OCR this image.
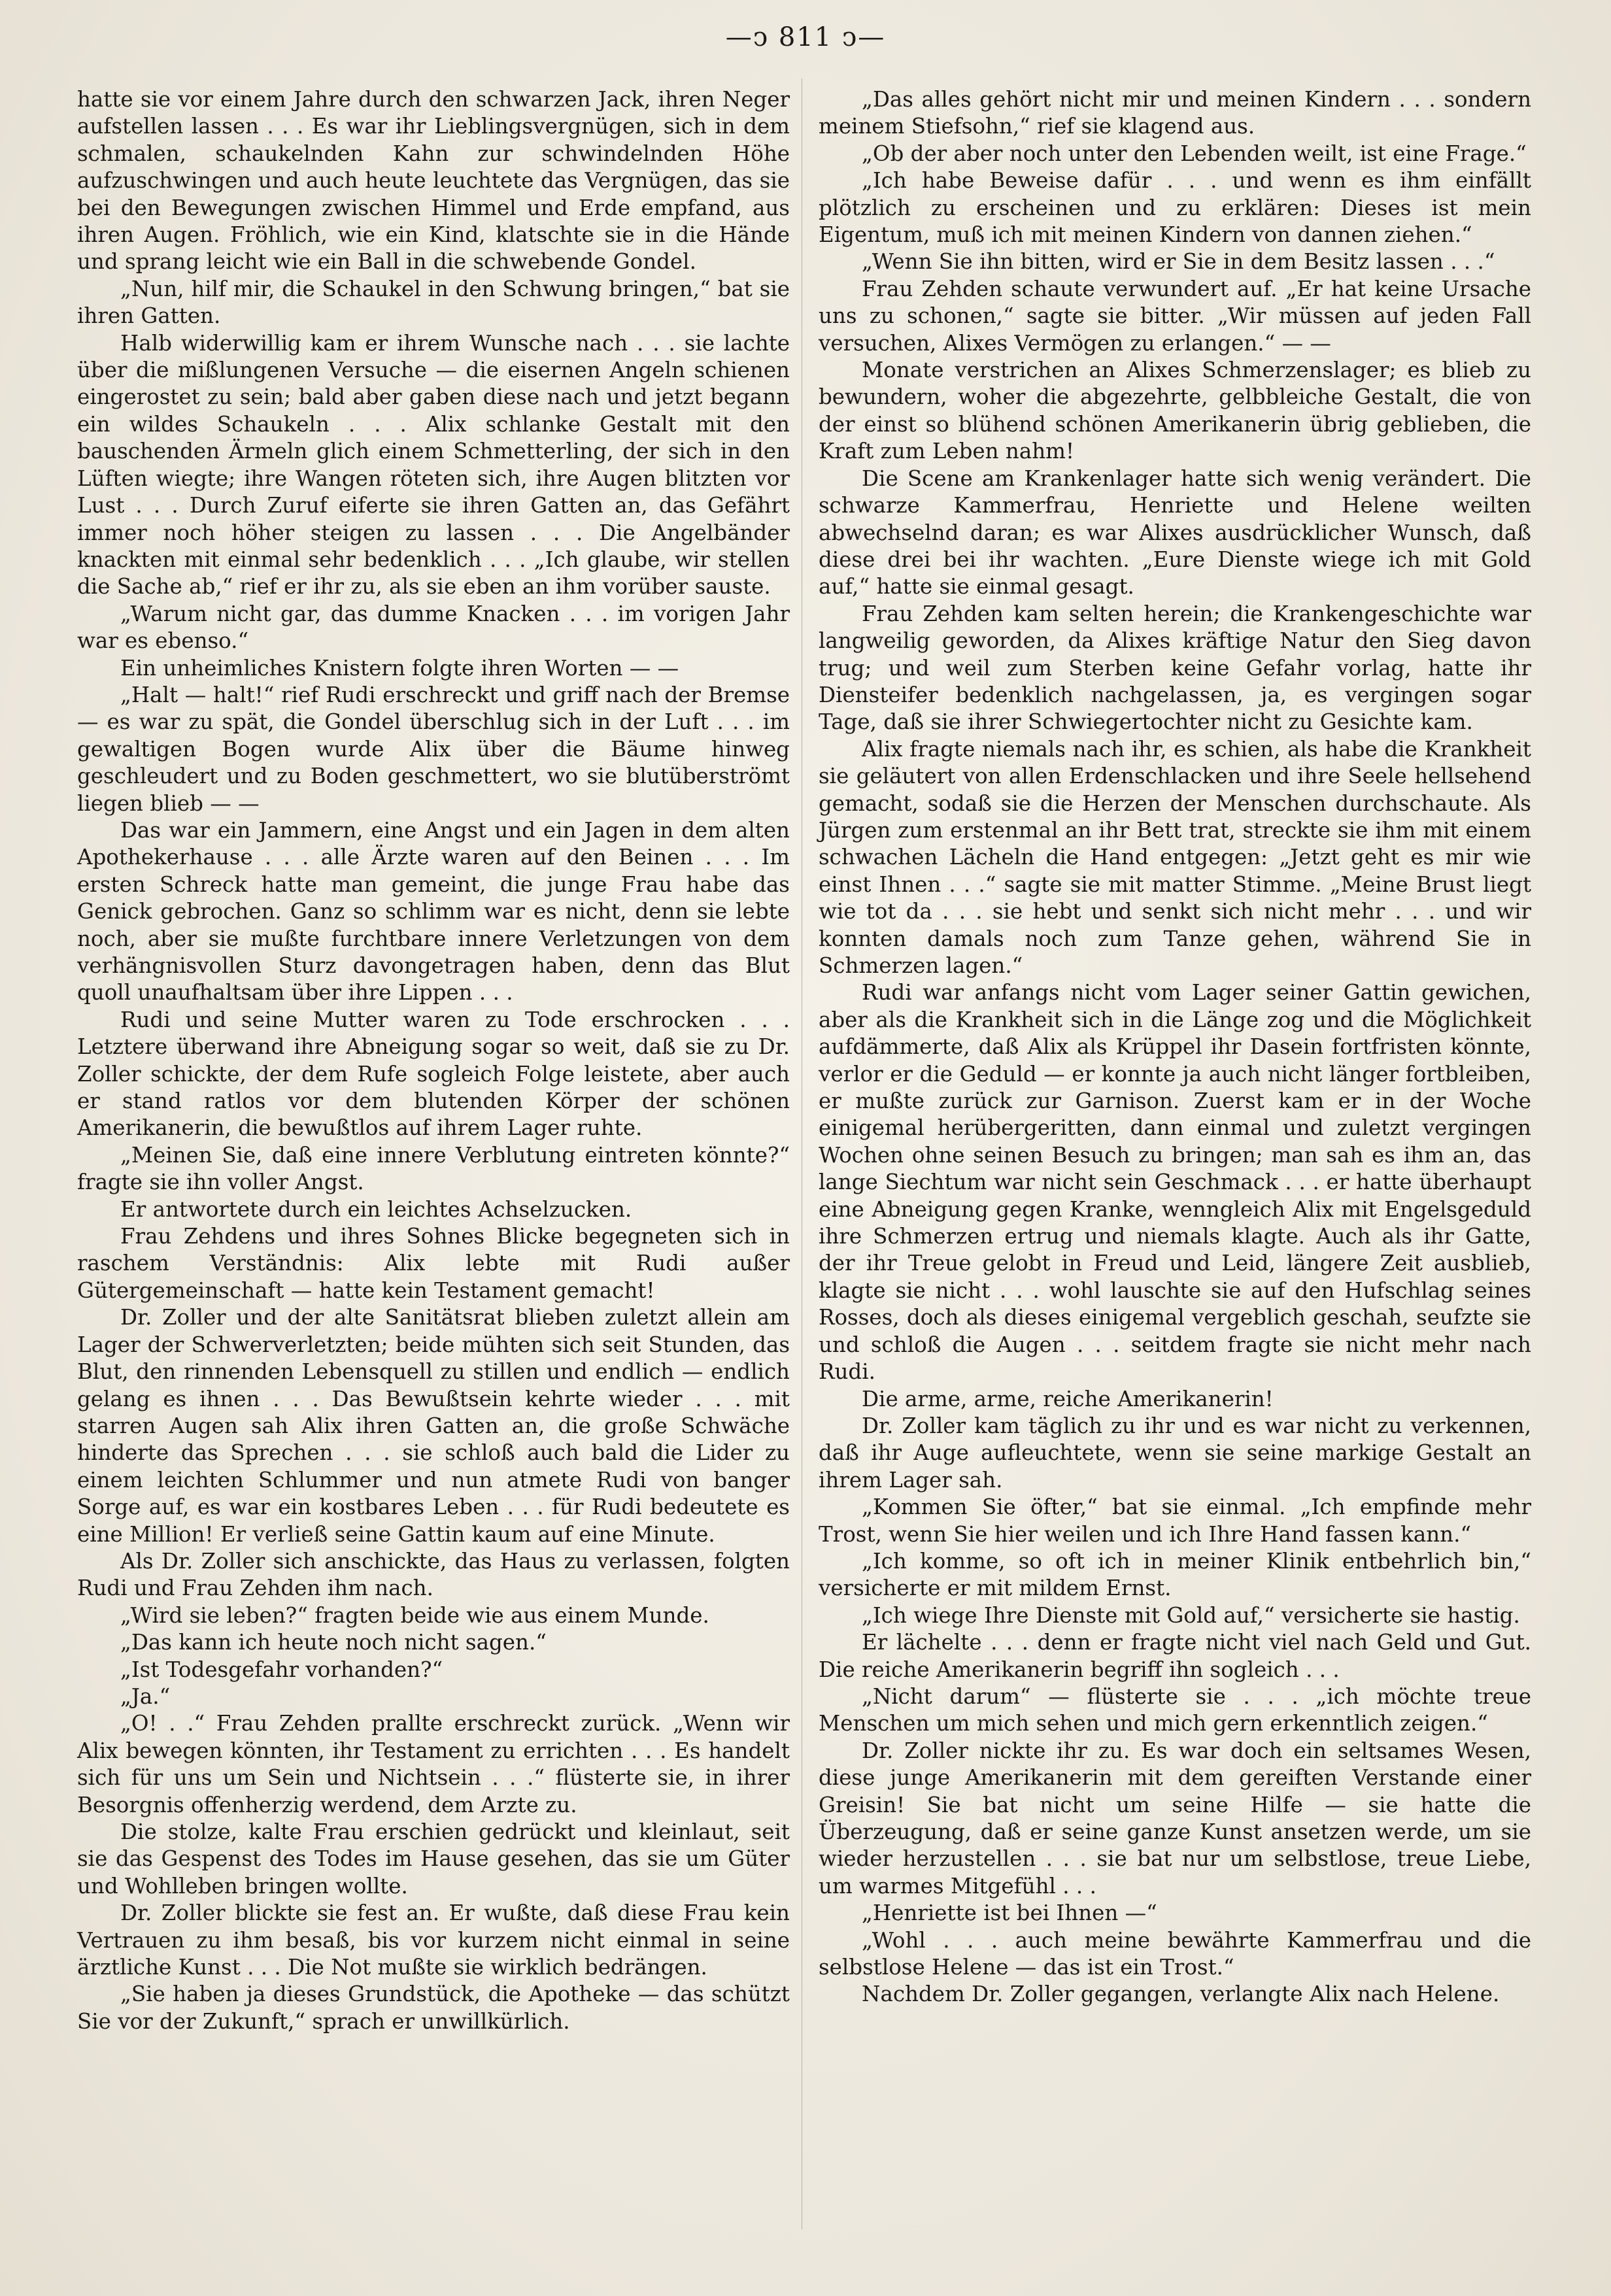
—ↄ 811 ↄ—

hatte sie vor einem Jahre durch den schwarzen Jack, ihren Neger aufstellen lassen . . . Es war ihr Lieblingsvergnügen, sich in dem schmalen, schaukelnden Kahn zur schwindelnden Höhe aufzuschwingen und auch heute leuchtete das Vergnügen, das sie bei den Bewegungen zwischen Himmel und Erde empfand, aus ihren Augen. Fröhlich, wie ein Kind, klatschte sie in die Hände und sprang leicht wie ein Ball in die schwebende Gondel.

„Nun, hilf mir, die Schaukel in den Schwung bringen,“ bat sie ihren Gatten.

Halb widerwillig kam er ihrem Wunsche nach . . . sie lachte über die mißlungenen Versuche — die eisernen Angeln schienen eingerostet zu sein; bald aber gaben diese nach und jetzt begann ein wildes Schaukeln . . . Alix schlanke Gestalt mit den bauschenden Ärmeln glich einem Schmetterling, der sich in den Lüften wiegte; ihre Wangen röteten sich, ihre Augen blitzten vor Lust . . . Durch Zuruf eiferte sie ihren Gatten an, das Gefährt immer noch höher steigen zu lassen . . . Die Angelbänder knackten mit einmal sehr bedenklich . . . „Ich glaube, wir stellen die Sache ab,“ rief er ihr zu, als sie eben an ihm vorüber sauste.

„Warum nicht gar, das dumme Knacken . . . im vorigen Jahr war es ebenso.“

Ein unheimliches Knistern folgte ihren Worten — —

„Halt — halt!“ rief Rudi erschreckt und griff nach der Bremse — es war zu spät, die Gondel überschlug sich in der Luft . . . im gewaltigen Bogen wurde Alix über die Bäume hinweg geschleudert und zu Boden geschmettert, wo sie blutüberströmt liegen blieb — —

Das war ein Jammern, eine Angst und ein Jagen in dem alten Apothekerhause . . . alle Ärzte waren auf den Beinen . . . Im ersten Schreck hatte man gemeint, die junge Frau habe das Genick gebrochen. Ganz so schlimm war es nicht, denn sie lebte noch, aber sie mußte furchtbare innere Verletzungen von dem verhängnisvollen Sturz davongetragen haben, denn das Blut quoll unaufhaltsam über ihre Lippen . . .

Rudi und seine Mutter waren zu Tode erschrocken . . . Letztere überwand ihre Abneigung sogar so weit, daß sie zu Dr. Zoller schickte, der dem Rufe sogleich Folge leistete, aber auch er stand ratlos vor dem blutenden Körper der schönen Amerikanerin, die bewußtlos auf ihrem Lager ruhte.

„Meinen Sie, daß eine innere Verblutung eintreten könnte?“ fragte sie ihn voller Angst.

Er antwortete durch ein leichtes Achselzucken.

Frau Zehdens und ihres Sohnes Blicke begegneten sich in raschem Verständnis: Alix lebte mit Rudi außer Gütergemeinschaft — hatte kein Testament gemacht!

Dr. Zoller und der alte Sanitätsrat blieben zuletzt allein am Lager der Schwerverletzten; beide mühten sich seit Stunden, das Blut, den rinnenden Lebensquell zu stillen und endlich — endlich gelang es ihnen . . . Das Bewußtsein kehrte wieder . . . mit starren Augen sah Alix ihren Gatten an, die große Schwäche hinderte das Sprechen . . . sie schloß auch bald die Lider zu einem leichten Schlummer und nun atmete Rudi von banger Sorge auf, es war ein kostbares Leben . . . für Rudi bedeutete es eine Million! Er verließ seine Gattin kaum auf eine Minute.

Als Dr. Zoller sich anschickte, das Haus zu verlassen, folgten Rudi und Frau Zehden ihm nach.

„Wird sie leben?“ fragten beide wie aus einem Munde.

„Das kann ich heute noch nicht sagen.“

„Ist Todesgefahr vorhanden?“

„Ja.“

„O! . .“ Frau Zehden prallte erschreckt zurück. „Wenn wir Alix bewegen könnten, ihr Testament zu errichten . . . Es handelt sich für uns um Sein und Nichtsein . . .“ flüsterte sie, in ihrer Besorgnis offenherzig werdend, dem Arzte zu.

Die stolze, kalte Frau erschien gedrückt und kleinlaut, seit sie das Gespenst des Todes im Hause gesehen, das sie um Güter und Wohlleben bringen wollte.

Dr. Zoller blickte sie fest an. Er wußte, daß diese Frau kein Vertrauen zu ihm besaß, bis vor kurzem nicht einmal in seine ärztliche Kunst . . . Die Not mußte sie wirklich bedrängen.

„Sie haben ja dieses Grundstück, die Apotheke — das schützt Sie vor der Zukunft,“ sprach er unwillkürlich.

„Das alles gehört nicht mir und meinen Kindern . . . sondern meinem Stiefsohn,“ rief sie klagend aus.

„Ob der aber noch unter den Lebenden weilt, ist eine Frage.“

„Ich habe Beweise dafür . . . und wenn es ihm einfällt plötzlich zu erscheinen und zu erklären: Dieses ist mein Eigentum, muß ich mit meinen Kindern von dannen ziehen.“

„Wenn Sie ihn bitten, wird er Sie in dem Besitz lassen . . .“

Frau Zehden schaute verwundert auf. „Er hat keine Ursache uns zu schonen,“ sagte sie bitter. „Wir müssen auf jeden Fall versuchen, Alixes Vermögen zu erlangen.“ — —

Monate verstrichen an Alixes Schmerzenslager; es blieb zu bewundern, woher die abgezehrte, gelbbleiche Gestalt, die von der einst so blühend schönen Amerikanerin übrig geblieben, die Kraft zum Leben nahm!

Die Scene am Krankenlager hatte sich wenig verändert. Die schwarze Kammerfrau, Henriette und Helene weilten abwechselnd daran; es war Alixes ausdrücklicher Wunsch, daß diese drei bei ihr wachten. „Eure Dienste wiege ich mit Gold auf,“ hatte sie einmal gesagt.

Frau Zehden kam selten herein; die Krankengeschichte war langweilig geworden, da Alixes kräftige Natur den Sieg davon trug; und weil zum Sterben keine Gefahr vorlag, hatte ihr Diensteifer bedenklich nachgelassen, ja, es vergingen sogar Tage, daß sie ihrer Schwiegertochter nicht zu Gesichte kam.

Alix fragte niemals nach ihr, es schien, als habe die Krankheit sie geläutert von allen Erdenschlacken und ihre Seele hellsehend gemacht, sodaß sie die Herzen der Menschen durchschaute. Als Jürgen zum erstenmal an ihr Bett trat, streckte sie ihm mit einem schwachen Lächeln die Hand entgegen: „Jetzt geht es mir wie einst Ihnen . . .“ sagte sie mit matter Stimme. „Meine Brust liegt wie tot da . . . sie hebt und senkt sich nicht mehr . . . und wir konnten damals noch zum Tanze gehen, während Sie in Schmerzen lagen.“

Rudi war anfangs nicht vom Lager seiner Gattin gewichen, aber als die Krankheit sich in die Länge zog und die Möglichkeit aufdämmerte, daß Alix als Krüppel ihr Dasein fortfristen könnte, verlor er die Geduld — er konnte ja auch nicht länger fortbleiben, er mußte zurück zur Garnison. Zuerst kam er in der Woche einigemal herübergeritten, dann einmal und zuletzt vergingen Wochen ohne seinen Besuch zu bringen; man sah es ihm an, das lange Siechtum war nicht sein Geschmack . . . er hatte überhaupt eine Abneigung gegen Kranke, wenngleich Alix mit Engelsgeduld ihre Schmerzen ertrug und niemals klagte. Auch als ihr Gatte, der ihr Treue gelobt in Freud und Leid, längere Zeit ausblieb, klagte sie nicht . . . wohl lauschte sie auf den Hufschlag seines Rosses, doch als dieses einigemal vergeblich geschah, seufzte sie und schloß die Augen . . . seitdem fragte sie nicht mehr nach Rudi.

Die arme, arme, reiche Amerikanerin!

Dr. Zoller kam täglich zu ihr und es war nicht zu verkennen, daß ihr Auge aufleuchtete, wenn sie seine markige Gestalt an ihrem Lager sah.

„Kommen Sie öfter,“ bat sie einmal. „Ich empfinde mehr Trost, wenn Sie hier weilen und ich Ihre Hand fassen kann.“

„Ich komme, so oft ich in meiner Klinik entbehrlich bin,“ versicherte er mit mildem Ernst.

„Ich wiege Ihre Dienste mit Gold auf,“ versicherte sie hastig.

Er lächelte . . . denn er fragte nicht viel nach Geld und Gut. Die reiche Amerikanerin begriff ihn sogleich . . .

„Nicht darum“ — flüsterte sie . . . „ich möchte treue Menschen um mich sehen und mich gern erkenntlich zeigen.“

Dr. Zoller nickte ihr zu. Es war doch ein seltsames Wesen, diese junge Amerikanerin mit dem gereiften Verstande einer Greisin! Sie bat nicht um seine Hilfe — sie hatte die Überzeugung, daß er seine ganze Kunst ansetzen werde, um sie wieder herzustellen . . . sie bat nur um selbstlose, treue Liebe, um warmes Mitgefühl . . .

„Henriette ist bei Ihnen —“

„Wohl . . . auch meine bewährte Kammerfrau und die selbstlose Helene — das ist ein Trost.“

Nachdem Dr. Zoller gegangen, verlangte Alix nach Helene.
